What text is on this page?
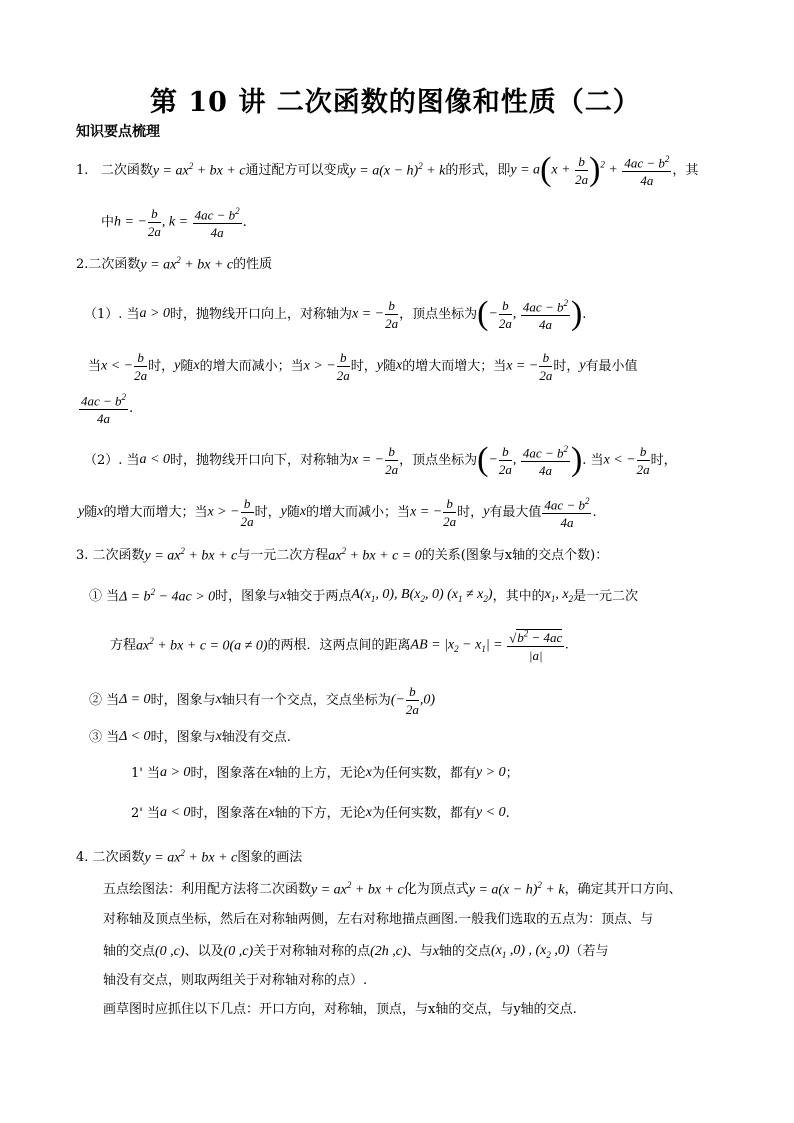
第 10 讲 二次函数的图像和性质（二）
知识要点梳理
1.
二次函数 $y = ax^2$ + bx + c 通过配方可以变成 $y = a(x - h)^2 + k$ 的形式，即 $y = a(x + \frac{b}{2a} )^2 + \frac{4ac - b^2}{4a}$ ，其
中 h = − $\frac{b}{2a}$ , $k = \frac{4ac - b^2}{4a}$ .
2.二次函数 $y = ax^2$ + bx + c 的性质
（1）. 当 a > 0 时，抛物线开口向上，对称轴为 x = − $\frac{b}{2a}$ ，顶点坐标为 (− $\frac{b}{2a}$ , $\frac{4ac - b^2}{4a}$ ) .
当 x < − $\frac{b}{2a}$ 时， y 随 x 的增大而减小；当 x > − $\frac{b}{2a}$ 时， y 随 x 的增大而增大；当 x = − $\frac{b}{2a}$ 时， y 有最小值
$\frac{4ac - b^2}{4a}$ .
（2）. 当 a < 0 时，抛物线开口向下，对称轴为 x = − $\frac{b}{2a}$ ，顶点坐标为 (− $\frac{b}{2a}$ , $\frac{4ac - b^2}{4a}$ ) . 当 x < − $\frac{b}{2a}$ 时，
y 随 x 的增大而增大；当 x > − $\frac{b}{2a}$ 时， y 随 x 的增大而减小；当 x = − $\frac{b}{2a}$ 时， y 有最大值 $\frac{4ac - b^2}{4a}$ .
3. 二次函数 $y = ax^2$ + bx + c 与一元二次方程 $ax^2$ + bx + c = 0 的关系(图象与x轴的交点个数)：
① 当 $\Delta = b^2 - 4ac > 0$ 时，图象与 x 轴交于两点 $A(x_1$, 0), $B(x_2$, 0) $(x_1 \ne x_2)$ ，其中的 $x_1$, $x_2$ 是一元二次
方程 $ax^2$ + bx + c = 0(a ≠ 0) 的两根．这两点间的距离 AB = $|x_2 - x_1| = \frac{√b^2 - 4ac}{|a|}$ .
② 当 Δ = 0 时，图象与 x 轴只有一个交点，交点坐标为 (− $\frac{b}{2a} ,0$)
③ 当 Δ < 0 时，图象与 x 轴没有交点.
1' 当 a > 0 时，图象落在 x 轴的上方，无论 x 为任何实数，都有 y > 0 ；
2' 当 a < 0 时，图象落在 x 轴的下方，无论 x 为任何实数，都有 y < 0 .
4. 二次函数 $y = ax^2$ + bx + c 图象的画法
五点绘图法：利用配方法将二次函数 $y = ax^2$ + bx + c 化为顶点式 $y = a(x - h)^2 + k$ ，确定其开口方向、
对称轴及顶点坐标，然后在对称轴两侧，左右对称地描点画图.一般我们选取的五点为：顶点、与
轴的交点 (0 ,c) 、以及 (0 ,c) 关于对称轴对称的点 (2h ,c) 、与 x 轴的交点 ($x_1$ ,0) , ($x_2$ ,0) （若与
轴没有交点，则取两组关于对称轴对称的点）.
画草图时应抓住以下几点：开口方向，对称轴，顶点，与x轴的交点，与y轴的交点.
